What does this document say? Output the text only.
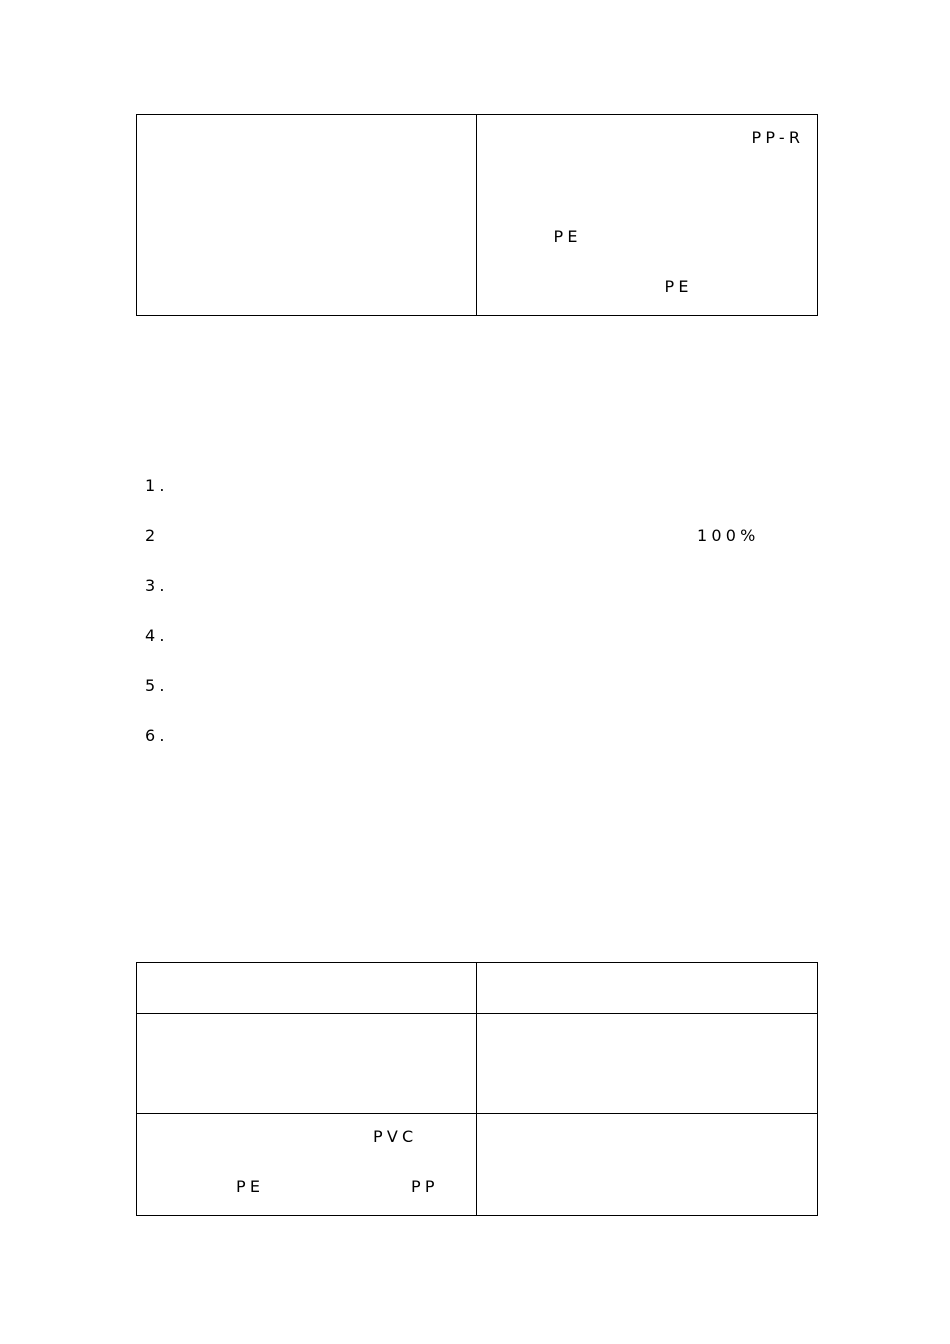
PP-R
PE
PE
1.
2	100%
3.
4.
5.
6.

PVC
PE PP	
